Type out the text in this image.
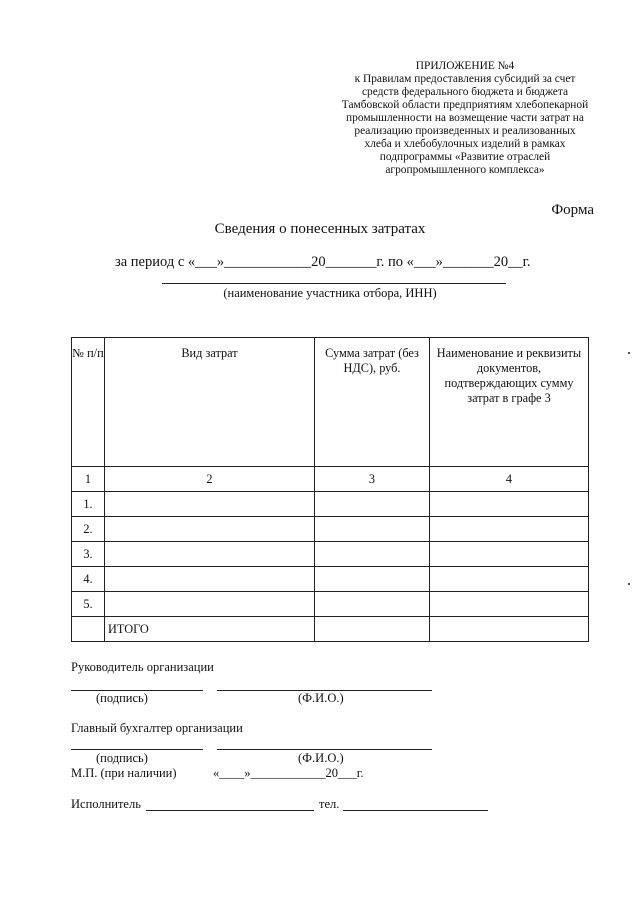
ПРИЛОЖЕНИЕ №4
к Правилам предоставления субсидий за счет
средств федерального бюджета и бюджета
Тамбовской области предприятиям хлебопекарной
промышленности на возмещение части затрат на
реализацию произведенных и реализованных
хлеба и хлебобулочных изделий в рамках
подпрограммы «Развитие отраслей
агропромышленного комплекса»
Форма
Сведения о понесенных затратах
за период с «___»____________20_______г. по «___»_______20__г.
(наименование участника отбора, ИНН)
№ п/п	Вид затрат	Сумма затрат (без НДС), руб.	Наименование и реквизиты документов, подтверждающих сумму затрат в графе 3
1	2	3	4
1.			
2.			
3.			
4.			
5.			
	ИТОГО		
Руководитель организации
(подпись)	(Ф.И.О.)
Главный бухгалтер организации
(подпись)	(Ф.И.О.)
М.П. (при наличии)	«____»____________20___г.
Исполнитель	тел.
